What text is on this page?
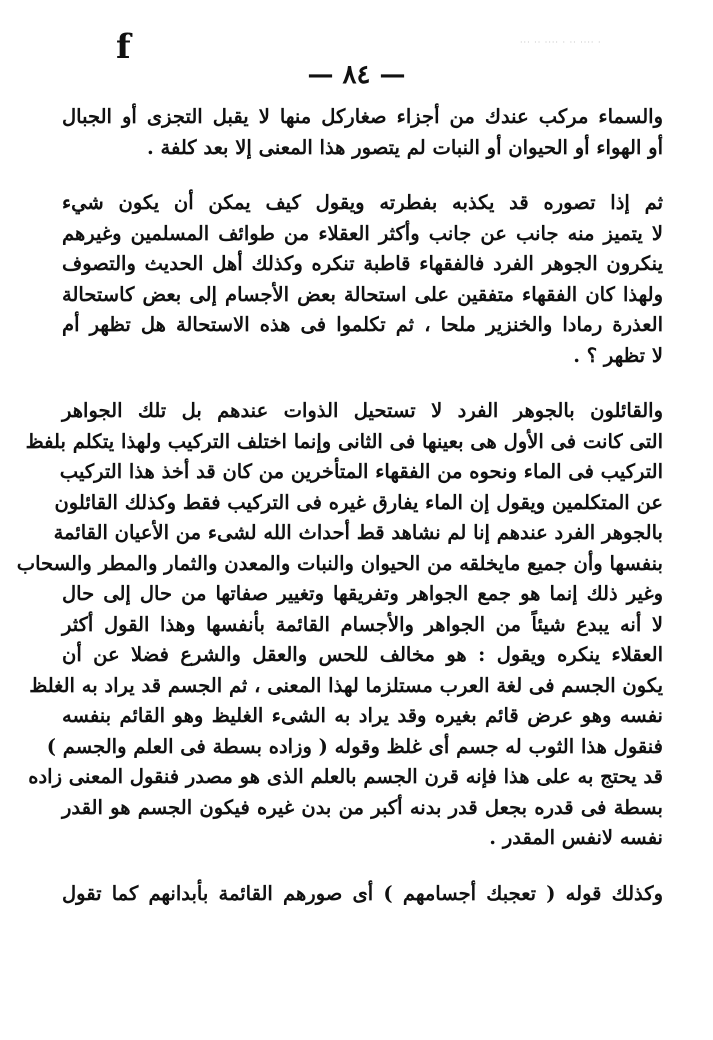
f	··· ·· ···· · ·· ···· ·
— ٨٤ —
والسماء مركب عندك من أجزاء صغاركل منها لا يقبل التجزى أو الجبال
أو الهواء أو الحيوان أو النبات لم يتصور هذا المعنى إلا بعد كلفة .
ثم إذا تصوره قد يكذبه بفطرته ويقول كيف يمكن أن يكون شيء
لا يتميز منه جانب عن جانب وأكثر العقلاء من طوائف المسلمين وغيرهم
ينكرون الجوهر الفرد فالفقهاء قاطبة تنكره وكذلك أهل الحديث والتصوف
ولهذا كان الفقهاء متفقين على استحالة بعض الأجسام إلى بعض كاستحالة
العذرة رمادا والخنزير ملحا ، ثم تكلموا فى هذه الاستحالة هل تظهر أم
لا تظهر ؟ .
والقائلون بالجوهر الفرد لا تستحيل الذوات عندهم بل تلك الجواهر
التى كانت فى الأول هى بعينها فى الثانى وإنما اختلف التركيب ولهذا يتكلم بلفظ
التركيب فى الماء ونحوه من الفقهاء المتأخرين من كان قد أخذ هذا التركيب
عن المتكلمين ويقول إن الماء يفارق غيره فى التركيب فقط وكذلك القائلون
بالجوهر الفرد عندهم إنا لم نشاهد قط أحداث الله لشىء من الأعيان القائمة
بنفسها وأن جميع مايخلقه من الحيوان والنبات والمعدن والثمار والمطر والسحاب
وغير ذلك إنما هو جمع الجواهر وتفريقها وتغيير صفاتها من حال إلى حال
لا أنه يبدع شيئاً من الجواهر والأجسام القائمة بأنفسها وهذا القول أكثر
العقلاء ينكره ويقول : هو مخالف للحس والعقل والشرع فضلا عن أن
يكون الجسم فى لغة العرب مستلزما لهذا المعنى ، ثم الجسم قد يراد به الغلظ
نفسه وهو عرض قائم بغيره وقد يراد به الشىء الغليظ وهو القائم بنفسه
فنقول هذا الثوب له جسم أى غلظ وقوله ( وزاده بسطة فى العلم والجسم )
قد يحتج به على هذا فإنه قرن الجسم بالعلم الذى هو مصدر فنقول المعنى زاده
بسطة فى قدره بجعل قدر بدنه أكبر من بدن غيره فيكون الجسم هو القدر
نفسه لانفس المقدر .
وكذلك قوله ( تعجبك أجسامهم ) أى صورهم القائمة بأبدانهم كما تقول
